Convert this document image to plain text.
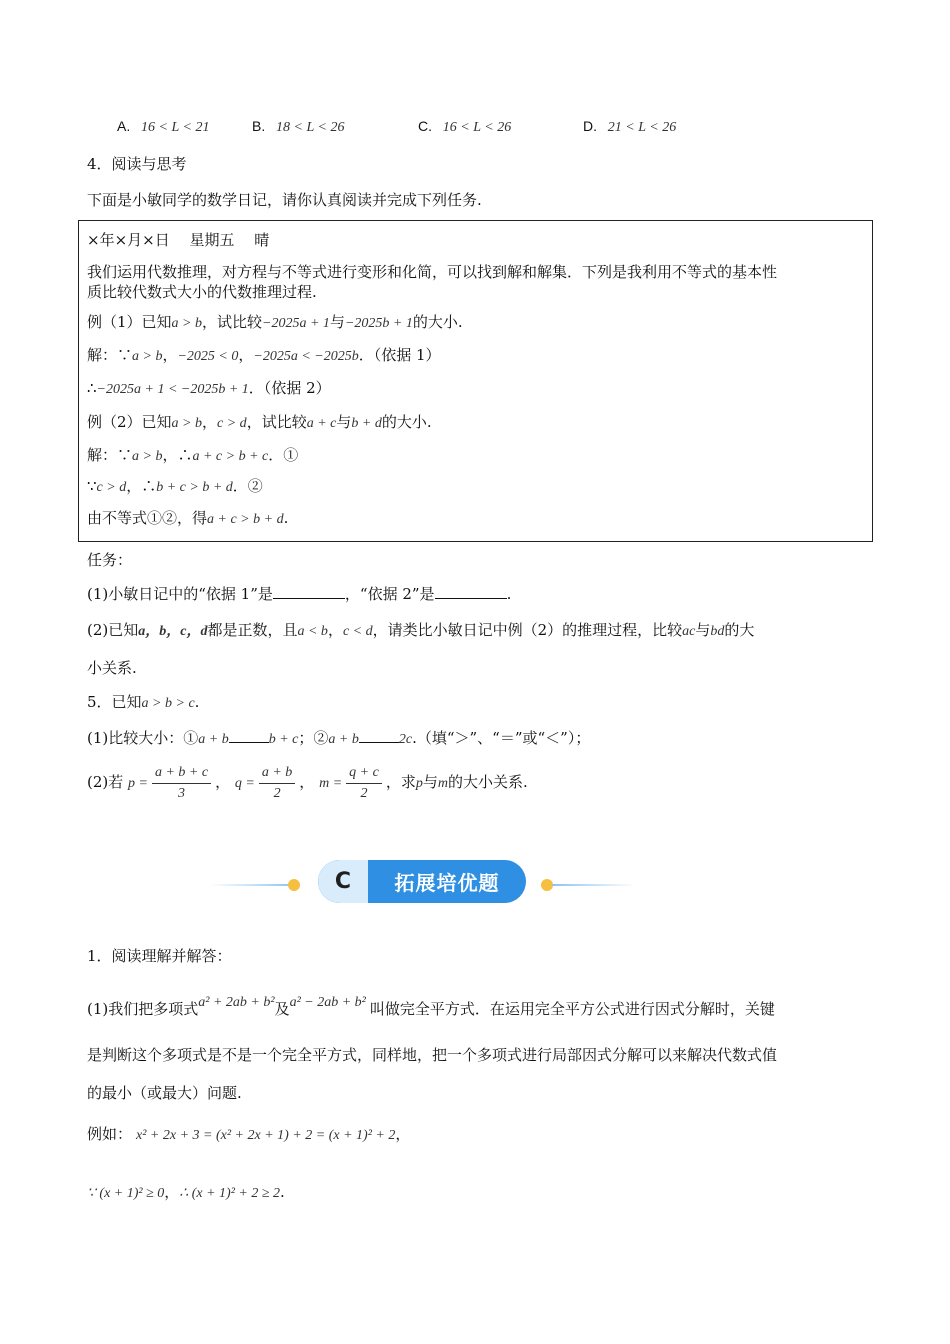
A. 16 < L < 21	B. 18 < L < 26	C. 16 < L < 26	D. 21 < L < 26
4．阅读与思考
下面是小敏同学的数学日记，请你认真阅读并完成下列任务.
×年×月×日　 星期五　 晴
我们运用代数推理，对方程与不等式进行变形和化简，可以找到解和解集．下列是我利用不等式的基本性
质比较代数式大小的代数推理过程.
例（1）已知a > b，试比较−2025a + 1与−2025b + 1的大小.
解：∵a > b，−2025 < 0，−2025a < −2025b．（依据 1）
∴−2025a + 1 < −2025b + 1．（依据 2）
例（2）已知a > b，c > d，试比较a + c与b + d的大小.
解：∵a > b，∴a + c > b + c．①
∵c > d，∴b + c > b + d．②
由不等式①②，得a + c > b + d.
任务：
(1)小敏日记中的“依据 1”是	，“依据 2”是	.
(2)已知a，b，c，d都是正数，且a < b，c < d，请类比小敏日记中例（2）的推理过程，比较ac与bd的大
小关系.
5．已知a > b > c.
(1)比较大小：①a + b	b + c；②a + b	2c.（填“＞”、“＝”或“＜”）；
(2)若 $p = \frac{a + b + c}{3}$ ， $q = \frac{a + b}{2}$ ， $m = \frac{q + c}{2}$ ，求p与m的大小关系.
C	拓展培优题
1．阅读理解并解答：
(1)我们把多项式a² + 2ab + b²及a² − 2ab + b² 叫做完全平方式．在运用完全平方公式进行因式分解时，关键
是判断这个多项式是不是一个完全平方式，同样地，把一个多项式进行局部因式分解可以来解决代数式值
的最小（或最大）问题.
例如： x² + 2x + 3 = (x² + 2x + 1) + 2 = (x + 1)² + 2，
∵ (x + 1)² ≥ 0，∴ (x + 1)² + 2 ≥ 2.
